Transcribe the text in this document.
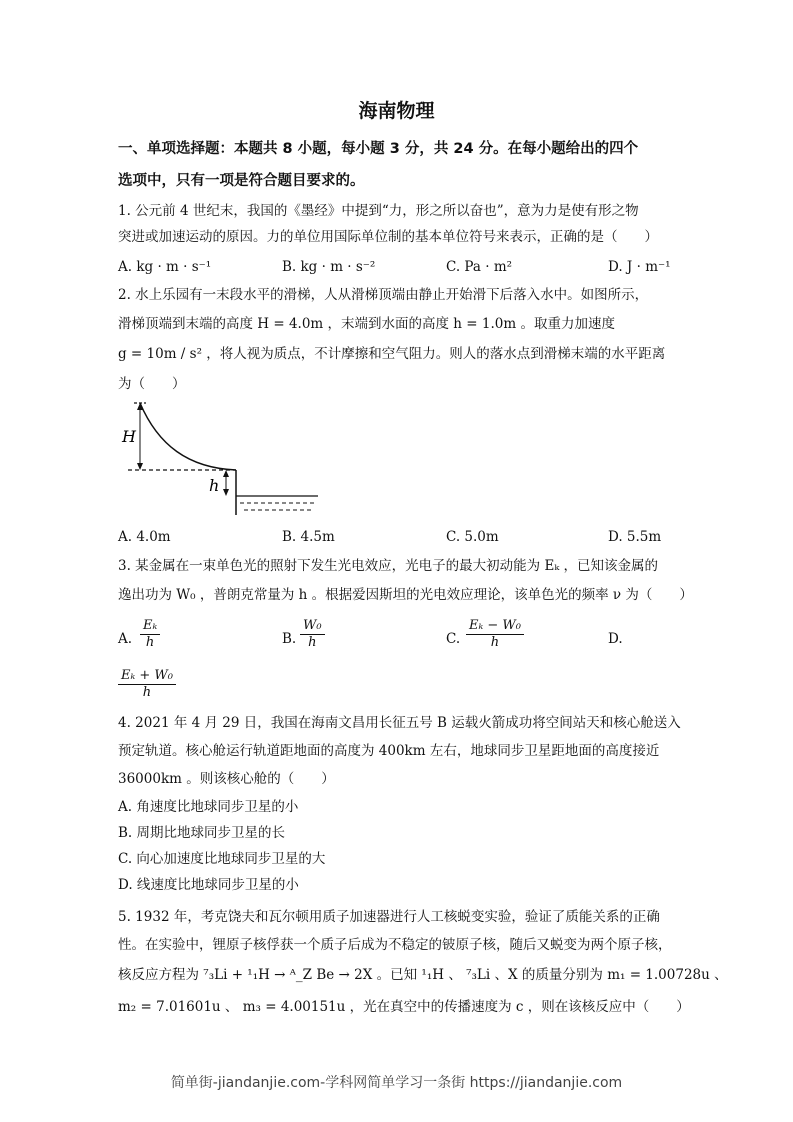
海南物理
一、单项选择题：本题共 8 小题，每小题 3 分，共 24 分。在每小题给出的四个
选项中，只有一项是符合题目要求的。
1. 公元前 4 世纪末，我国的《墨经》中提到“力，形之所以奋也”，意为力是使有形之物
突进或加速运动的原因。力的单位用国际单位制的基本单位符号来表示，正确的是（　　）
A. kg · m · s⁻¹	B. kg · m · s⁻²	C. Pa · m²	D. J · m⁻¹
2. 水上乐园有一末段水平的滑梯，人从滑梯顶端由静止开始滑下后落入水中。如图所示，
滑梯顶端到末端的高度 H = 4.0m ，末端到水面的高度 h = 1.0m 。取重力加速度
g = 10m / s² ，将人视为质点，不计摩擦和空气阻力。则人的落水点到滑梯末端的水平距离
为（　　）
H
h
A. 4.0m	B. 4.5m	C. 5.0m	D. 5.5m
3. 某金属在一束单色光的照射下发生光电效应，光电子的最大初动能为 Eₖ ，已知该金属的
逸出功为 W₀ ，普朗克常量为 h 。根据爱因斯坦的光电效应理论，该单色光的频率 ν 为（　　）
A. $\frac{\text{Eₖ}}{h}$	B. $\frac{\text{W₀}}{h}$	C. $\frac{\text{Eₖ − W₀}}{h}$	D.
$\frac{\text{Eₖ + W₀}}{h}$
4. 2021 年 4 月 29 日，我国在海南文昌用长征五号 B 运载火箭成功将空间站天和核心舱送入
预定轨道。核心舱运行轨道距地面的高度为 400km 左右，地球同步卫星距地面的高度接近
36000km 。则该核心舱的（　　）
A. 角速度比地球同步卫星的小
B. 周期比地球同步卫星的长
C. 向心加速度比地球同步卫星的大
D. 线速度比地球同步卫星的小
5. 1932 年，考克饶夫和瓦尔顿用质子加速器进行人工核蜕变实验，验证了质能关系的正确
性。在实验中，锂原子核俘获一个质子后成为不稳定的铍原子核，随后又蜕变为两个原子核，
核反应方程为 ⁷₃Li + ¹₁H → ᴬ_Z Be → 2X 。已知 ¹₁H 、 ⁷₃Li 、X 的质量分别为 m₁ = 1.00728u 、
m₂ = 7.01601u 、 m₃ = 4.00151u ，光在真空中的传播速度为 c ，则在该核反应中（　　）
简单街-jiandanjie.com-学科网简单学习一条街 https://jiandanjie.com
